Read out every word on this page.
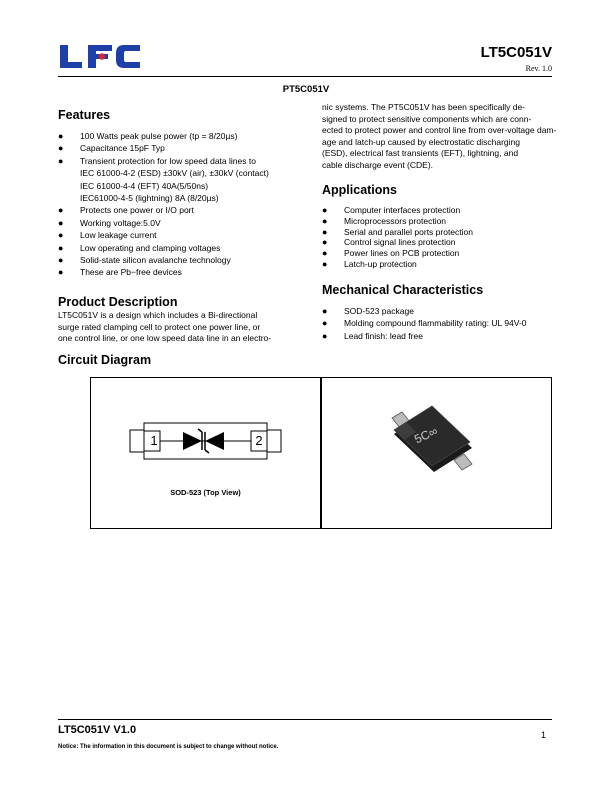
LT5C051V
Rev. 1.0
PT5C051V
Features
● 100 Watts peak pulse power (tp = 8/20µs)
● Capacitance 15pF Typ
● Transient protection for low speed data lines to
IEC 61000-4-2 (ESD) ±30kV (air), ±30kV (contact)
IEC 61000-4-4 (EFT) 40A(5/50ns)
IEC61000-4-5 (lightning) 8A (8/20µs)
● Protects one power or I/O port
● Working voltage:5.0V
● Low leakage current
● Low operating and clamping voltages
● Solid-state silicon avalanche technology
● These are Pb−free devices
Product Description
LT5C051V is a design which includes a Bi-directional
surge rated clamping cell to protect one power line, or
one control line, or one low speed data line in an electro-
nic systems. The PT5C051V has been specifically de-
signed to protect sensitive components which are conn-
ected to protect power and control line from over-voltage dam-
age and latch-up caused by electrostatic discharging
(ESD), electrical fast transients (EFT), lightning, and
cable discharge event (CDE).
Applications
● Computer interfaces protection
● Microprocessors protection
● Serial and parallel ports protection
● Control signal lines protection
● Power lines on PCB protection
● Latch-up protection
Mechanical Characteristics
● SOD-523 package
● Molding compound flammability rating: UL 94V-0
● Lead finish: lead free
Circuit Diagram
1	2
SOD-523 (Top View)
5C∞
LT5C051V V1.0	1
Notice: The information in this document is subject to change without notice.
